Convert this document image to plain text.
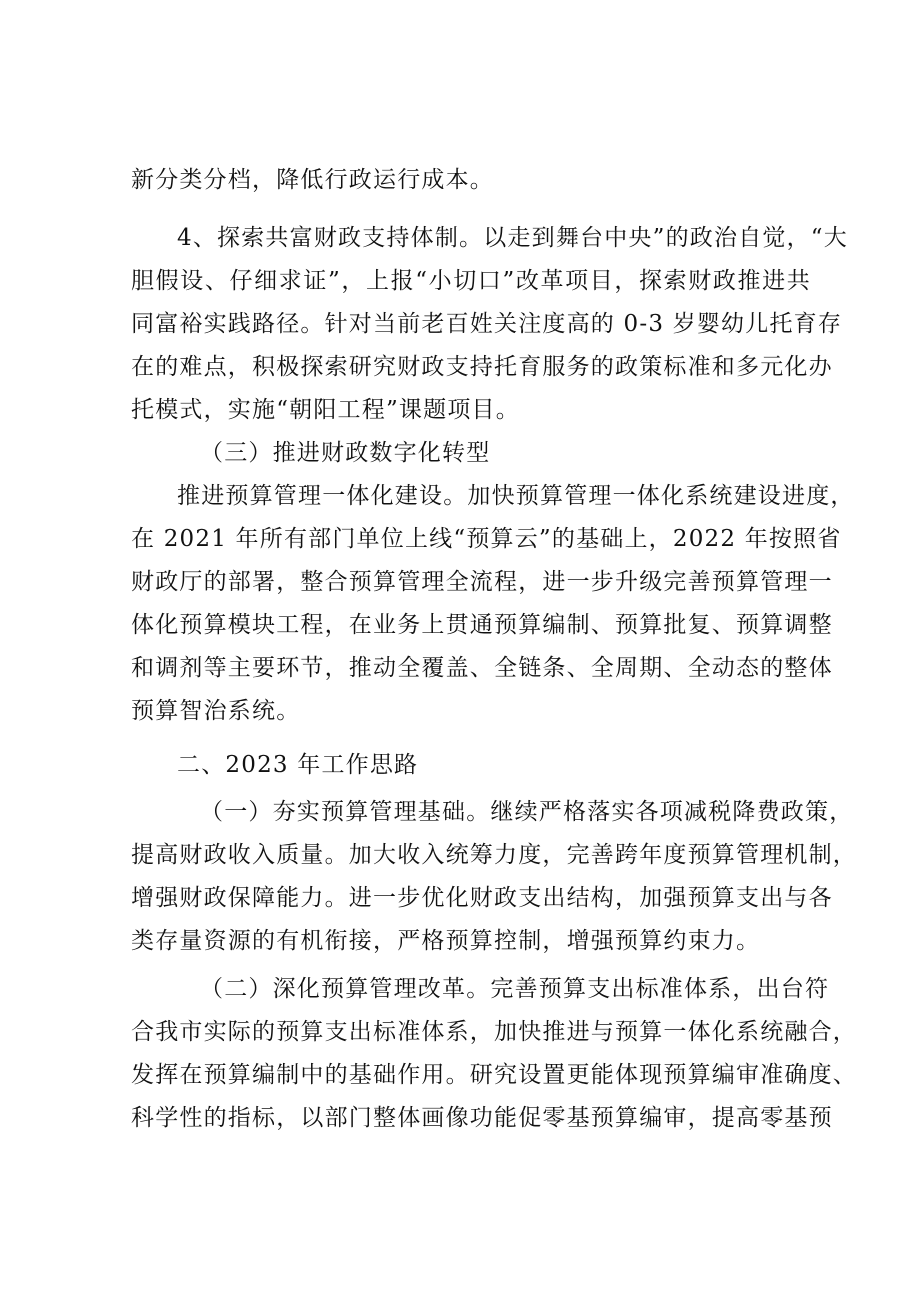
新分类分档，降低行政运行成本。
4、探索共富财政支持体制。以走到舞台中央”的政治自觉，“大
胆假设、仔细求证”，上报“小切口”改革项目，探索财政推进共
同富裕实践路径。针对当前老百姓关注度高的 0-3 岁婴幼儿托育存
在的难点，积极探索研究财政支持托育服务的政策标准和多元化办
托模式，实施“朝阳工程”课题项目。
（三）推进财政数字化转型
推进预算管理一体化建设。加快预算管理一体化系统建设进度，
在 2021 年所有部门单位上线“预算云”的基础上，2022 年按照省
财政厅的部署，整合预算管理全流程，进一步升级完善预算管理一
体化预算模块工程，在业务上贯通预算编制、预算批复、预算调整
和调剂等主要环节，推动全覆盖、全链条、全周期、全动态的整体
预算智治系统。
二、2023 年工作思路
（一）夯实预算管理基础。继续严格落实各项减税降费政策，
提高财政收入质量。加大收入统筹力度，完善跨年度预算管理机制，
增强财政保障能力。进一步优化财政支出结构，加强预算支出与各
类存量资源的有机衔接，严格预算控制，增强预算约束力。
（二）深化预算管理改革。完善预算支出标准体系，出台符
合我市实际的预算支出标准体系，加快推进与预算一体化系统融合，
发挥在预算编制中的基础作用。研究设置更能体现预算编审准确度、
科学性的指标，以部门整体画像功能促零基预算编审，提高零基预
